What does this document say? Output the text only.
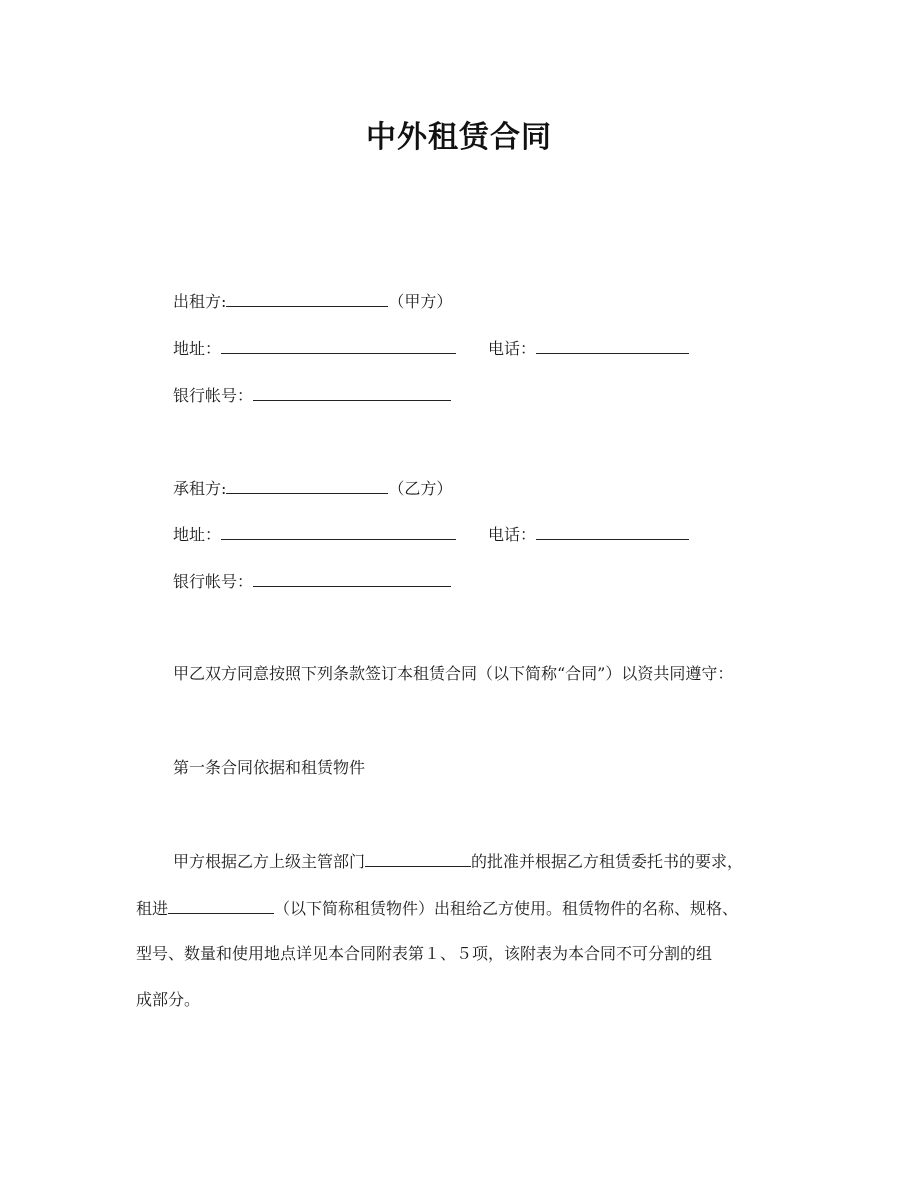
中外租赁合同
出租方:	（甲方）
地址：	电话：
银行帐号：
承租方:	（乙方）
地址：	电话：
银行帐号：
甲乙双方同意按照下列条款签订本租赁合同（以下简称“合同”）以资共同遵守：
第一条合同依据和租赁物件
甲方根据乙方上级主管部门	的批准并根据乙方租赁委托书的要求，
租进	（以下简称租赁物件）出租给乙方使用。租赁物件的名称、规格、
型号、数量和使用地点详见本合同附表第１、５项，该附表为本合同不可分割的组
成部分。
